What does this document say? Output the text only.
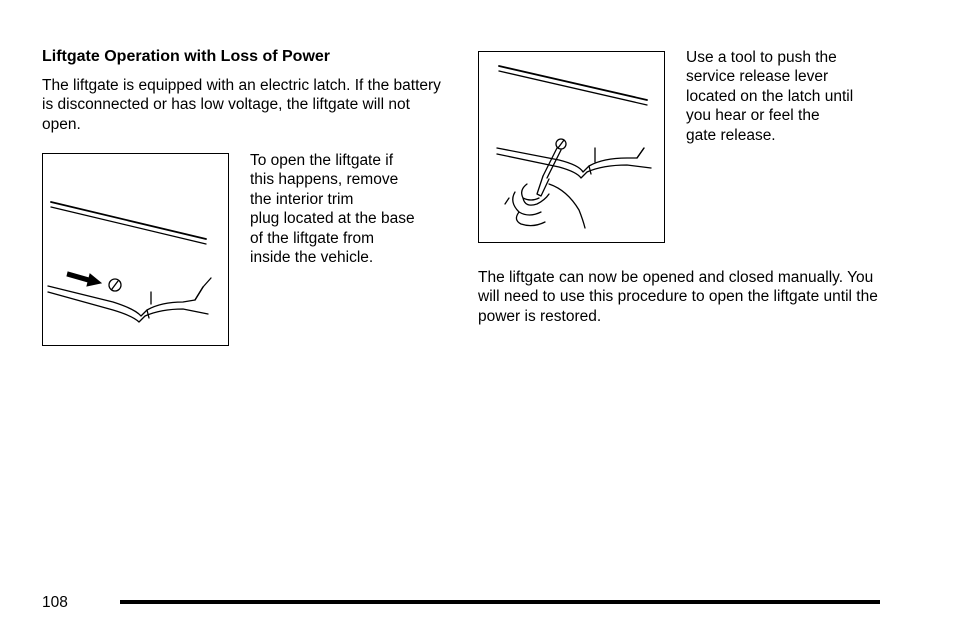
Liftgate Operation with Loss of Power

The liftgate is equipped with an electric latch. If the battery is disconnected or has low voltage, the liftgate will not open.

To open the liftgate if
this happens, remove
the interior trim
plug located at the base
of the liftgate from
inside the vehicle.
Use a tool to push the
service release lever
located on the latch until
you hear or feel the
gate release.

The liftgate can now be opened and closed manually. You will need to use this procedure to open the liftgate until the power is restored.

108
